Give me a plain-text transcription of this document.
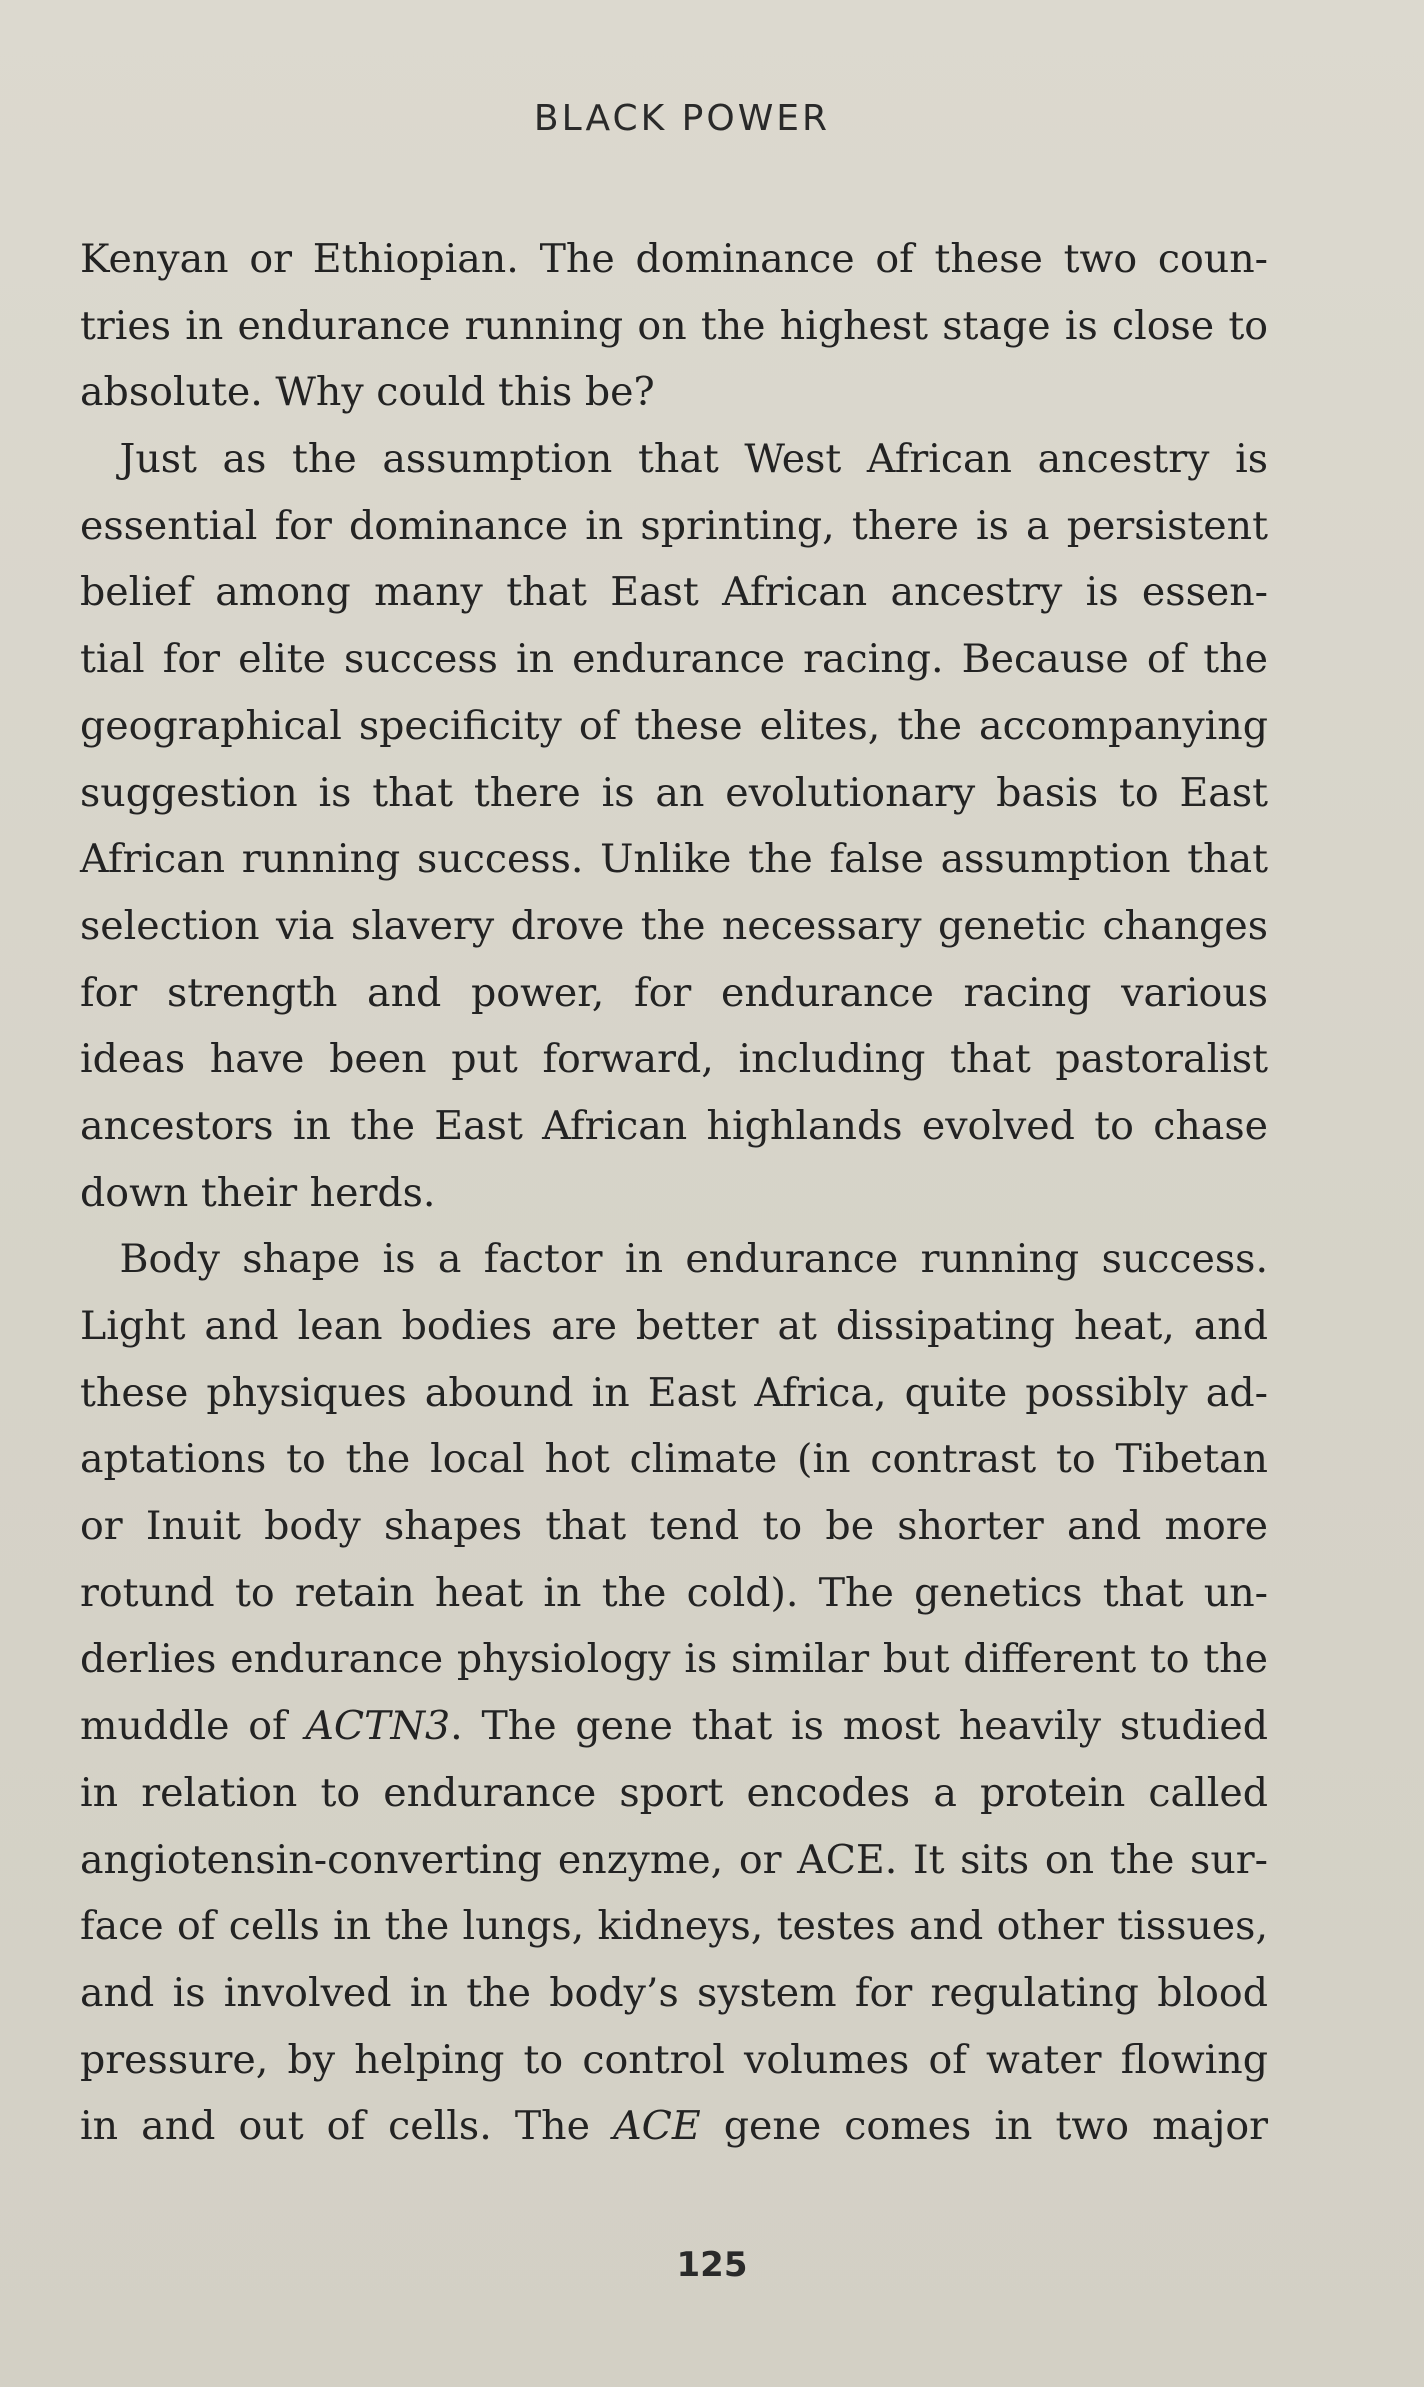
BLACK POWER
Kenyan or Ethiopian. The dominance of these two coun-
tries in endurance running on the highest stage is close to
absolute. Why could this be?
 Just as the assumption that West African ancestry is
essential for dominance in sprinting, there is a persistent
belief among many that East African ancestry is essen-
tial for elite success in endurance racing. Because of the
geographical specificity of these elites, the accompanying
suggestion is that there is an evolutionary basis to East
African running success. Unlike the false assumption that
selection via slavery drove the necessary genetic changes
for strength and power, for endurance racing various
ideas have been put forward, including that pastoralist
ancestors in the East African highlands evolved to chase
down their herds.
 Body shape is a factor in endurance running success.
Light and lean bodies are better at dissipating heat, and
these physiques abound in East Africa, quite possibly ad-
aptations to the local hot climate (in contrast to Tibetan
or Inuit body shapes that tend to be shorter and more
rotund to retain heat in the cold). The genetics that un-
derlies endurance physiology is similar but different to the
muddle of ACTN3. The gene that is most heavily studied
in relation to endurance sport encodes a protein called
angiotensin-converting enzyme, or ACE. It sits on the sur-
face of cells in the lungs, kidneys, testes and other tissues,
and is involved in the body’s system for regulating blood
pressure, by helping to control volumes of water flowing
in and out of cells. The ACE gene comes in two major
125
